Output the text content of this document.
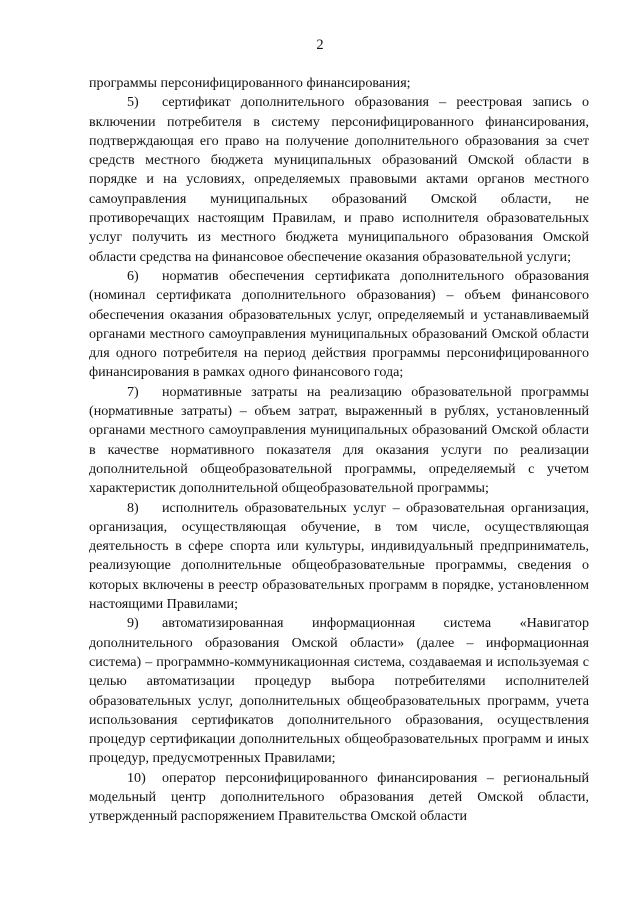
2

программы персонифицированного финансирования;

5) сертификат дополнительного образования – реестровая запись о включении потребителя в систему персонифицированного финансирования, подтверждающая его право на получение дополнительного образования за счет средств местного бюджета муниципальных образований Омской области в порядке и на условиях, определяемых правовыми актами органов местного самоуправления муниципальных образований Омской области, не противоречащих настоящим Правилам, и право исполнителя образовательных услуг получить из местного бюджета муниципального образования Омской области средства на финансовое обеспечение оказания образовательной услуги;

6) норматив обеспечения сертификата дополнительного образования (номинал сертификата дополнительного образования) – объем финансового обеспечения оказания образовательных услуг, определяемый и устанавливаемый органами местного самоуправления муниципальных образований Омской области для одного потребителя на период действия программы персонифицированного финансирования в рамках одного финансового года;

7) нормативные затраты на реализацию образовательной программы (нормативные затраты) – объем затрат, выраженный в рублях, установленный органами местного самоуправления муниципальных образований Омской области в качестве нормативного показателя для оказания услуги по реализации дополнительной общеобразовательной программы, определяемый с учетом характеристик дополнительной общеобразовательной программы;

8) исполнитель образовательных услуг – образовательная организация, организация, осуществляющая обучение, в том числе, осуществляющая деятельность в сфере спорта или культуры, индивидуальный предприниматель, реализующие дополнительные общеобразовательные программы, сведения о которых включены в реестр образовательных программ в порядке, установленном настоящими Правилами;

9) автоматизированная информационная система «Навигатор дополнительного образования Омской области» (далее – информационная система) – программно-коммуникационная система, создаваемая и используемая с целью автоматизации процедур выбора потребителями исполнителей образовательных услуг, дополнительных общеобразовательных программ, учета использования сертификатов дополнительного образования, осуществления процедур сертификации дополнительных общеобразовательных программ и иных процедур, предусмотренных Правилами;

10) оператор персонифицированного финансирования – региональный модельный центр дополнительного образования детей Омской области, утвержденный распоряжением Правительства Омской области
